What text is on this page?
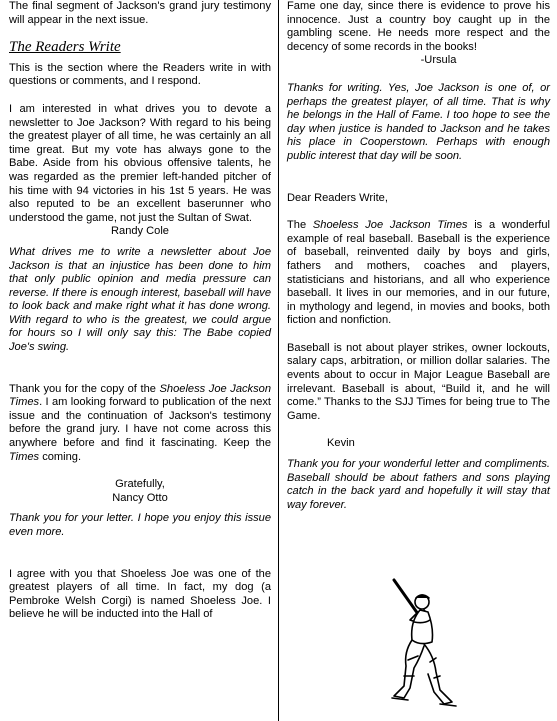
The final segment of Jackson's grand jury testimony will appear in the next issue.

The Readers Write

This is the section where the Readers write in with questions or comments, and I respond.

I am interested in what drives you to devote a newsletter to Joe Jackson? With regard to his being the greatest player of all time, he was certainly an all time great. But my vote has always gone to the Babe. Aside from his obvious offensive talents, he was regarded as the premier left-handed pitcher of his time with 94 victories in his 1st 5 years. He was also reputed to be an excellent baserunner who understood the game, not just the Sultan of Swat.

Randy Cole

What drives me to write a newsletter about Joe Jackson is that an injustice has been done to him that only public opinion and media pressure can reverse. If there is enough interest, baseball will have to look back and make right what it has done wrong. With regard to who is the greatest, we could argue for hours so I will only say this: The Babe copied Joe's swing.

Thank you for the copy of the Shoeless Joe Jackson Times. I am looking forward to publication of the next issue and the continuation of Jackson's testimony before the grand jury. I have not come across this anywhere before and find it fascinating. Keep the Times coming.

Gratefully,

Nancy Otto

Thank you for your letter. I hope you enjoy this issue even more.

I agree with you that Shoeless Joe was one of the greatest players of all time. In fact, my dog (a Pembroke Welsh Corgi) is named Shoeless Joe. I believe he will be inducted into the Hall of

Fame one day, since there is evidence to prove his innocence. Just a country boy caught up in the gambling scene. He needs more respect and the decency of some records in the books!

-Ursula

Thanks for writing. Yes, Joe Jackson is one of, or perhaps the greatest player, of all time. That is why he belongs in the Hall of Fame. I too hope to see the day when justice is handed to Jackson and he takes his place in Cooperstown. Perhaps with enough public interest that day will be soon.

Dear Readers Write,

The Shoeless Joe Jackson Times is a wonderful example of real baseball. Baseball is the experience of baseball, reinvented daily by boys and girls, fathers and mothers, coaches and players, statisticians and historians, and all who experience baseball. It lives in our memories, and in our future, in mythology and legend, in movies and books, both fiction and nonfiction.

Baseball is not about player strikes, owner lockouts, salary caps, arbitration, or million dollar salaries. The events about to occur in Major League Baseball are irrelevant. Baseball is about, “Build it, and he will come.” Thanks to the SJJ Times for being true to The Game.

Kevin

Thank you for your wonderful letter and compliments. Baseball should be about fathers and sons playing catch in the back yard and hopefully it will stay that way forever.
